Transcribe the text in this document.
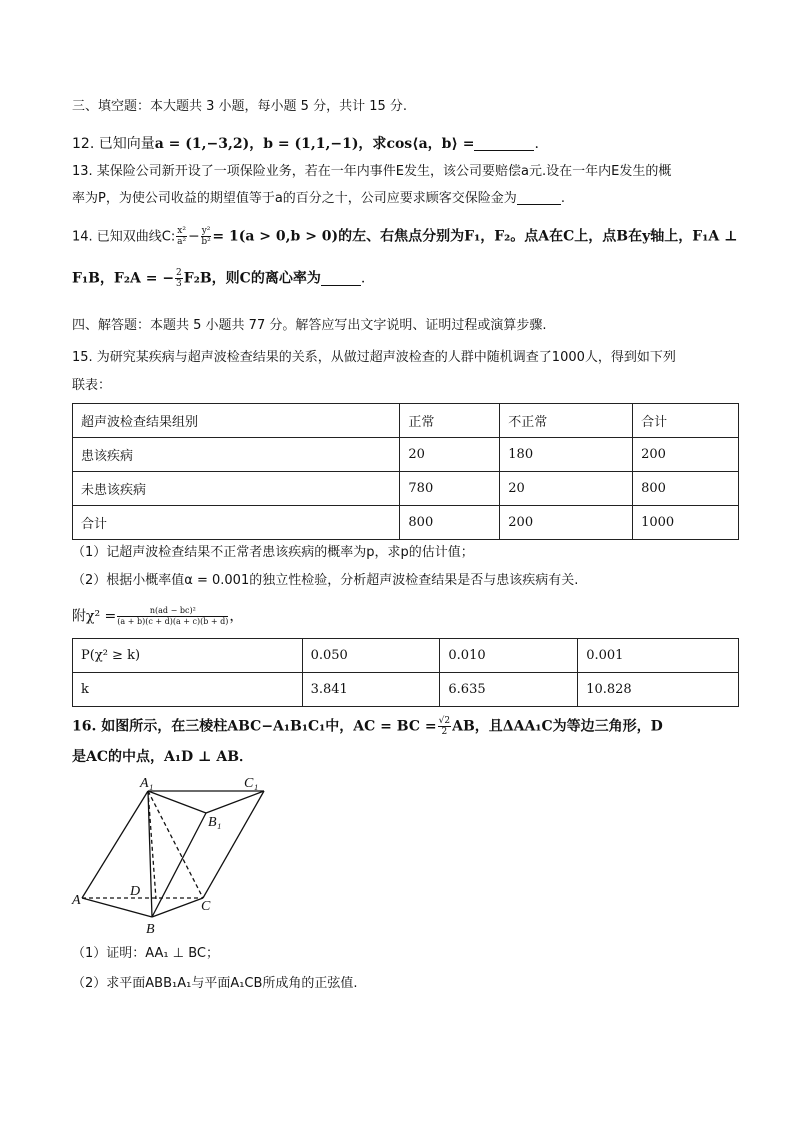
三、填空题：本大题共 3 小题，每小题 5 分，共计 15 分.
12. 已知向量a = (1,−3,2)，b = (1,1,−1)，求cos⟨a，b⟩ =	.
13. 某保险公司新开设了一项保险业务，若在一年内事件E发生，该公司要赔偿a元.设在一年内E发生的概
率为P，为使公司收益的期望值等于a的百分之十，公司应要求顾客交保险金为	.
14. 已知双曲线C: $\frac{\text{x²}}{\text{a²}} - \frac{\text{y²}}{\text{b²}} = 1(a > 0,b > 0)$的左、右焦点分别为F₁，F₂。点A在C上，点B在y轴上，F₁A ⊥
F₁B，F₂A = − $\frac{2}{3} F_2B$，则C的离心率为	.
四、解答题：本题共 5 小题共 77 分。解答应写出文字说明、证明过程或演算步骤.
15. 为研究某疾病与超声波检查结果的关系，从做过超声波检查的人群中随机调查了1000人，得到如下列
联表：
超声波检查结果组别	正常	不正常	合计
患该疾病	20	180	200
未患该疾病	780	20	800
合计	800	200	1000
（1）记超声波检查结果不正常者患该疾病的概率为p，求p的估计值；
（2）根据小概率值α = 0.001的独立性检验，分析超声波检查结果是否与患该疾病有关.
附$\chi^2 = \frac{\text{n(ad − bc)²}}{(a + b)(c + d)(a + c)(b + d)}$ ，
P(χ² ≥ k)	0.050	0.010	0.001
k	3.841	6.635	10.828
16. 如图所示，在三棱柱ABC−A₁B₁C₁中，AC = BC = $\frac{√2}{2}$ AB，且ΔAA₁C为等边三角形，D
是AC的中点，A₁D ⊥ AB．
A₁	C₁
B₁
A
B
C
D
（1）证明：AA₁ ⊥ BC；
（2）求平面ABB₁A₁与平面A₁CB所成角的正弦值.
